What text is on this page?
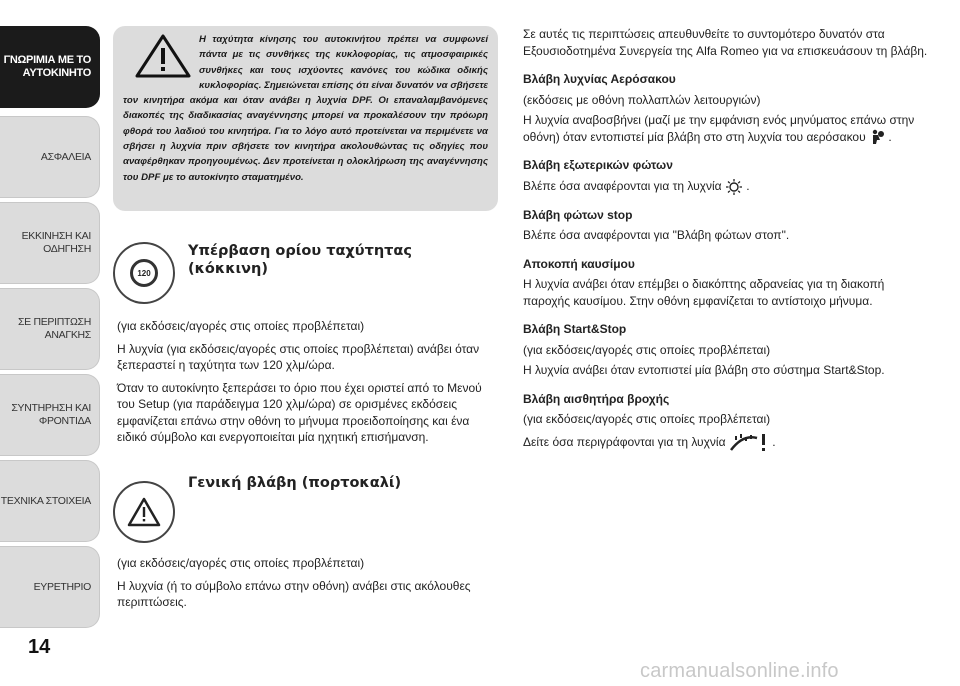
ΓΝΩΡΙΜΙΑ ΜΕ ΤΟ
ΑΥΤΟΚΙΝΗΤΟ
ΑΣΦΑΛΕΙΑ
ΕΚΚΙΝΗΣΗ ΚΑΙ
ΟΔΗΓΗΣΗ
ΣΕ ΠΕΡΙΠΤΩΣΗ
ΑΝΑΓΚΗΣ
ΣΥΝΤΗΡΗΣΗ ΚΑΙ
ΦΡΟΝΤΙΔΑ
ΤΕΧΝΙΚΑ ΣΤΟΙΧΕΙΑ
ΕΥΡΕΤΗΡΙΟ
14

Η ταχύτητα κίνησης του αυτοκινήτου πρέπει να συμφωνεί πάντα με τις συνθήκες της κυκλοφορίας, τις ατμοσφαιρικές συνθήκες και τους ισχύοντες κανόνες του κώδικα οδικής κυκλοφορίας. Σημειώνεται επίσης ότι είναι δυνατόν να σβήσετε τον κινητήρα ακόμα και όταν ανάβει η λυχνία DPF. Οι επαναλαμβανόμενες διακοπές της διαδικασίας αναγέννησης μπορεί να προκαλέσουν την πρόωρη φθορά του λαδιού του κινητήρα. Για το λόγο αυτό προτείνεται να περιμένετε να σβήσει η λυχνία πριν σβήσετε τον κινητήρα ακολουθώντας τις οδηγίες που αναφέρθηκαν προηγουμένως. Δεν προτείνεται η ολοκλήρωση της αναγέννησης του DPF με το αυτοκίνητο σταματημένο.

120
Υπέρβαση ορίου ταχύτητας (κόκκινη)

(για εκδόσεις/αγορές στις οποίες προβλέπεται)

Η λυχνία (για εκδόσεις/αγορές στις οποίες προβλέπεται) ανάβει όταν ξεπεραστεί η ταχύτητα των 120 χλμ/ώρα.

Όταν το αυτοκίνητο ξεπεράσει το όριο που έχει οριστεί από το Μενού του Setup (για παράδειγμα 120 χλμ/ώρα) σε ορισμένες εκδόσεις εμφανίζεται επάνω στην οθόνη το μήνυμα προειδοποίησης και ένα ειδικό σύμβολο και ενεργοποιείται μία ηχητική επισήμανση.

Γενική βλάβη (πορτοκαλί)

(για εκδόσεις/αγορές στις οποίες προβλέπεται)

Η λυχνία (ή το σύμβολο επάνω στην οθόνη) ανάβει στις ακόλουθες περιπτώσεις.

Σε αυτές τις περιπτώσεις απευθυνθείτε το συντομότερο δυνατόν στα Εξουσιοδοτημένα Συνεργεία της Alfa Romeo για να επισκευάσουν τη βλάβη.

Βλάβη λυχνίας Αερόσακου

(εκδόσεις με οθόνη πολλαπλών λειτουργιών)

Η λυχνία αναβοσβήνει (μαζί με την εμφάνιση ενός μηνύματος επάνω στην οθόνη) όταν εντοπιστεί μία βλάβη στο στη λυχνία του αερόσακου  .

Βλάβη εξωτερικών φώτων

Βλέπε όσα αναφέρονται για τη λυχνία  .

Βλάβη φώτων stop

Βλέπε όσα αναφέρονται για "Βλάβη φώτων στοπ".

Αποκοπή καυσίμου

Η λυχνία ανάβει όταν επέμβει ο διακόπτης αδρανείας για τη διακοπή παροχής καυσίμου. Στην οθόνη εμφανίζεται το αντίστοιχο μήνυμα.

Βλάβη Start&Stop

(για εκδόσεις/αγορές στις οποίες προβλέπεται)

Η λυχνία ανάβει όταν εντοπιστεί μία βλάβη στο σύστημα Start&Stop.

Βλάβη αισθητήρα βροχής

(για εκδόσεις/αγορές στις οποίες προβλέπεται)

Δείτε όσα περιγράφονται για τη λυχνία	.

carmanualsonline.info
